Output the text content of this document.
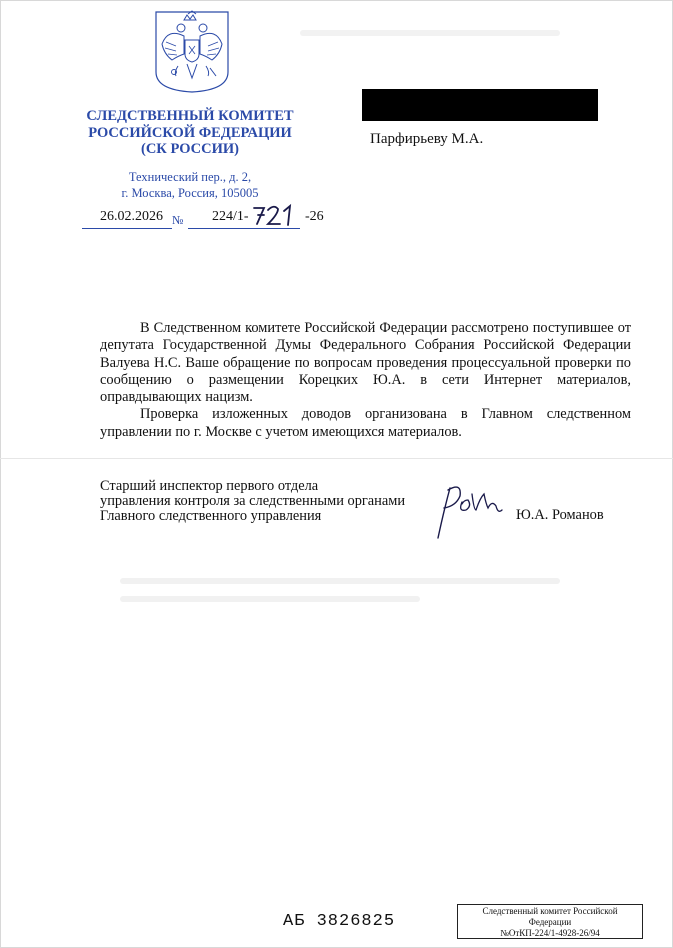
СЛЕДСТВЕННЫЙ КОМИТЕТ
РОССИЙСКОЙ ФЕДЕРАЦИИ
(СК РОССИИ)
Технический пер., д. 2,
г. Москва, Россия, 105005
26.02.2026 № 224/1-	-26
Парфирьеву М.А.

В Следственном комитете Российской Федерации рассмотрено поступившее от депутата Государственной Думы Федерального Собрания Российской Федерации Валуева Н.С. Ваше обращение по вопросам проведения процессуальной проверки по сообщению о размещении Корецких Ю.А. в сети Интернет материалов, оправдывающих нацизм.

Проверка изложенных доводов организована в Главном следственном управлении по г. Москве с учетом имеющихся материалов.

Старший инспектор первого отдела
управления контроля за следственными органами
Главного следственного управления	Ю.А. Романов
АБ 3826825
Следственный комитет Российской
Федерации
№ОтКП-224/1-4928-26/94
